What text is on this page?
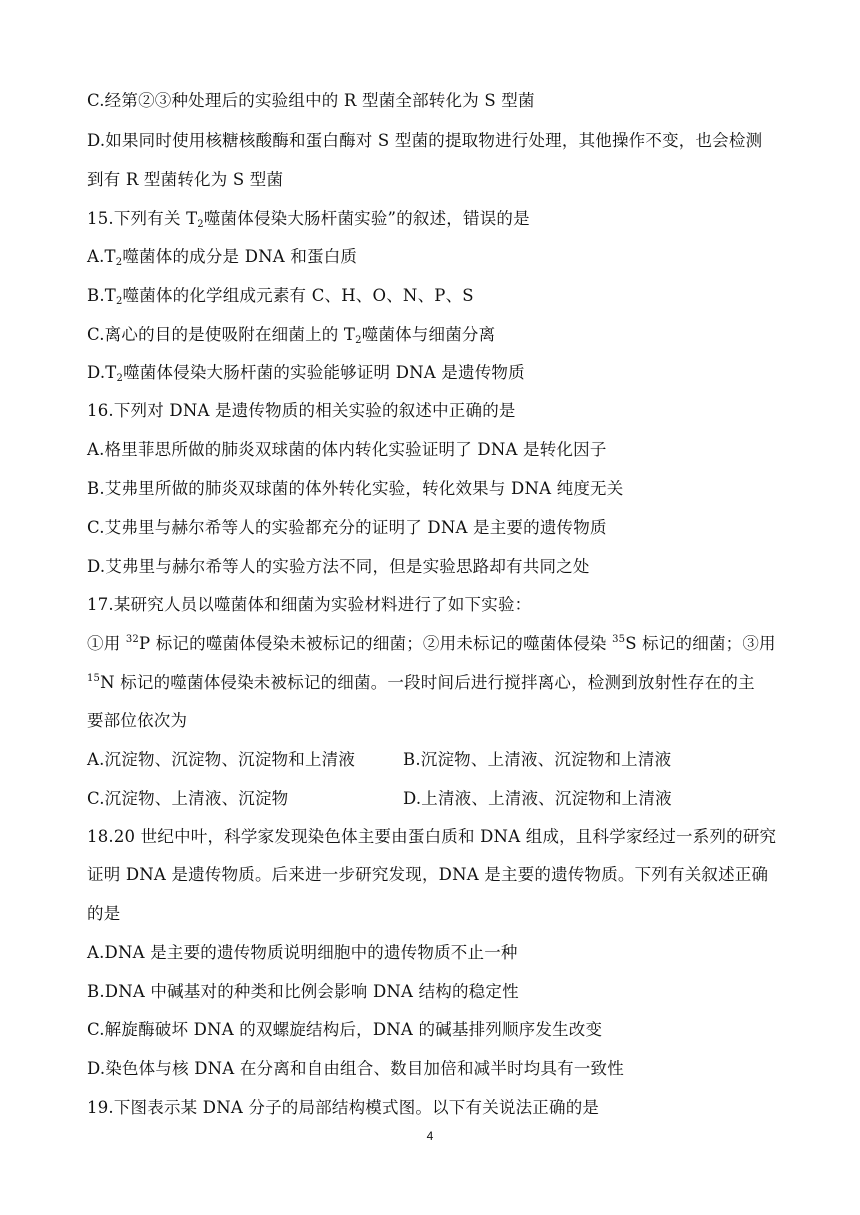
C.经第②③种处理后的实验组中的 R 型菌全部转化为 S 型菌
D.如果同时使用核糖核酸酶和蛋白酶对 S 型菌的提取物进行处理，其他操作不变，也会检测
到有 R 型菌转化为 S 型菌
15.下列有关 $T_2$噬菌体侵染大肠杆菌实验”的叙述，错误的是
$A.T_2$噬菌体的成分是 DNA 和蛋白质
$B.T_2$噬菌体的化学组成元素有 C、H、O、N、P、S
C.离心的目的是使吸附在细菌上的 $T_2$噬菌体与细菌分离
$D.T_2$噬菌体侵染大肠杆菌的实验能够证明 DNA 是遗传物质
16.下列对 DNA 是遗传物质的相关实验的叙述中正确的是
A.格里菲思所做的肺炎双球菌的体内转化实验证明了 DNA 是转化因子
B.艾弗里所做的肺炎双球菌的体外转化实验，转化效果与 DNA 纯度无关
C.艾弗里与赫尔希等人的实验都充分的证明了 DNA 是主要的遗传物质
D.艾弗里与赫尔希等人的实验方法不同，但是实验思路却有共同之处
17.某研究人员以噬菌体和细菌为实验材料进行了如下实验：
①用 $^{32}$P 标记的噬菌体侵染未被标记的细菌；②用未标记的噬菌体侵染 $^{35}$S 标记的细菌；③用
$^{15}$N 标记的噬菌体侵染未被标记的细菌。一段时间后进行搅拌离心，检测到放射性存在的主
要部位依次为
A.沉淀物、沉淀物、沉淀物和上清液	B.沉淀物、上清液、沉淀物和上清液
C.沉淀物、上清液、沉淀物	D.上清液、上清液、沉淀物和上清液
18.20 世纪中叶，科学家发现染色体主要由蛋白质和 DNA 组成，且科学家经过一系列的研究
证明 DNA 是遗传物质。后来进一步研究发现，DNA 是主要的遗传物质。下列有关叙述正确
的是
A.DNA 是主要的遗传物质说明细胞中的遗传物质不止一种
B.DNA 中碱基对的种类和比例会影响 DNA 结构的稳定性
C.解旋酶破坏 DNA 的双螺旋结构后，DNA 的碱基排列顺序发生改变
D.染色体与核 DNA 在分离和自由组合、数目加倍和减半时均具有一致性
19.下图表示某 DNA 分子的局部结构模式图。以下有关说法正确的是
4
